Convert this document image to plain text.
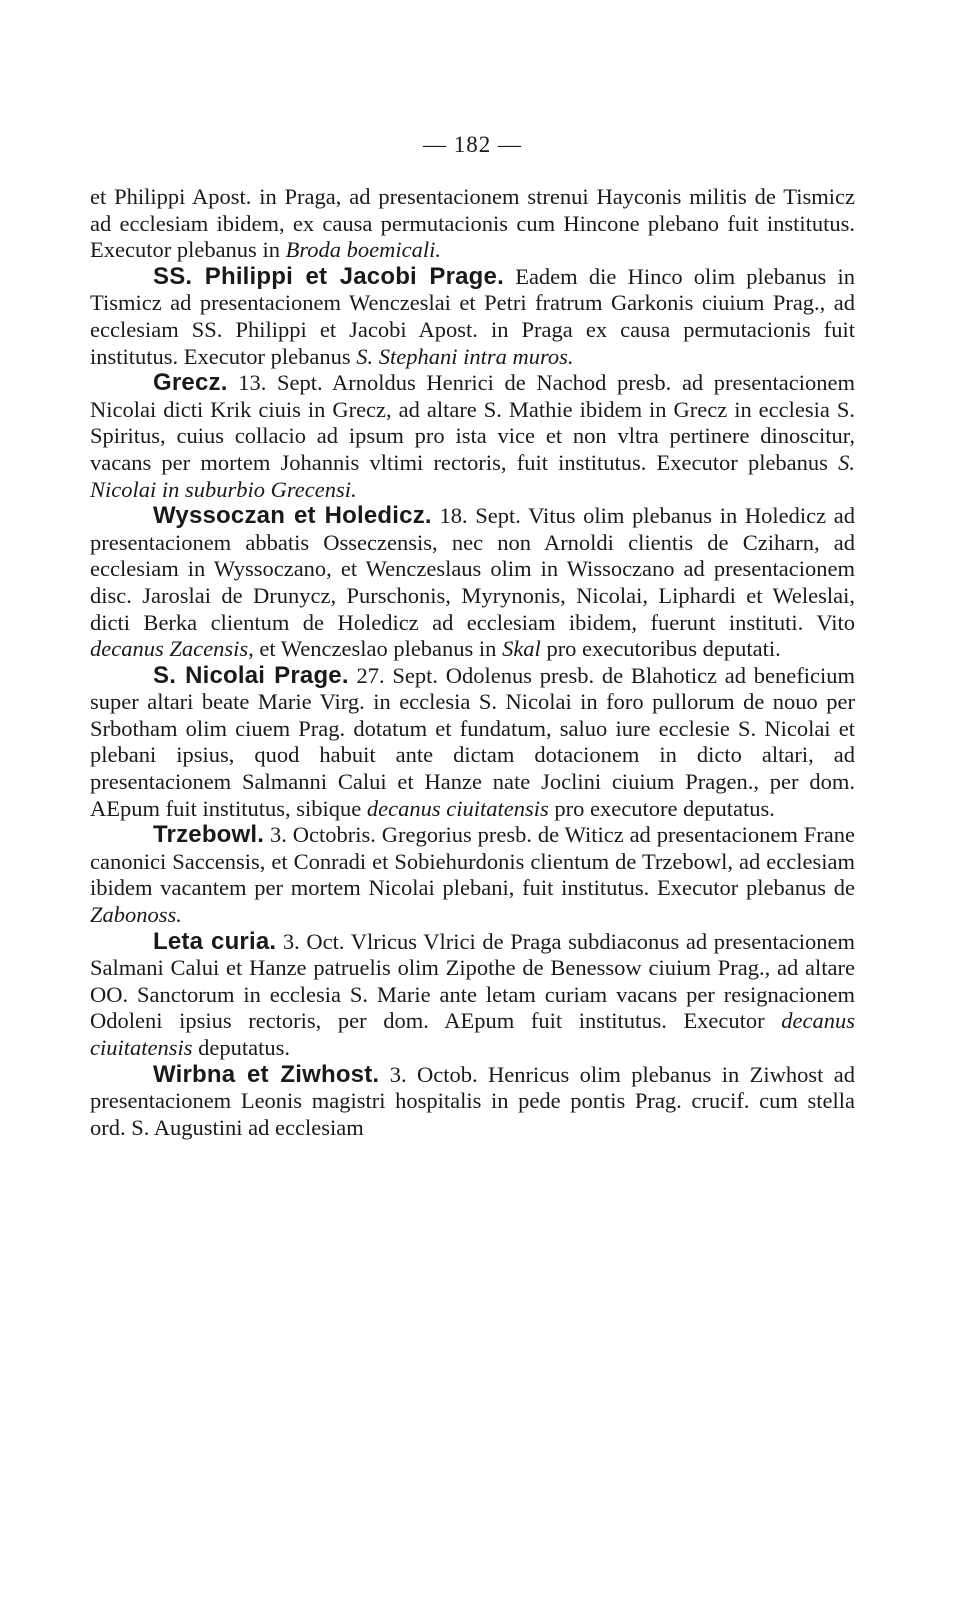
— 182 —

et Philippi Apost. in Praga, ad presentacionem strenui Hayconis militis de Tismicz ad ecclesiam ibidem, ex causa permutacionis cum Hincone plebano fuit institutus. Executor plebanus in Broda boemicali.

SS. Philippi et Jacobi Prage. Eadem die Hinco olim plebanus in Tismicz ad presentacionem Wenczeslai et Petri fratrum Garkonis ciuium Prag., ad ecclesiam SS. Philippi et Jacobi Apost. in Praga ex causa permutacionis fuit institutus. Executor plebanus S. Stephani intra muros.

Grecz. 13. Sept. Arnoldus Henrici de Nachod presb. ad presentacionem Nicolai dicti Krik ciuis in Grecz, ad altare S. Mathie ibidem in Grecz in ecclesia S. Spiritus, cuius collacio ad ipsum pro ista vice et non vltra pertinere dinoscitur, vacans per mortem Johannis vltimi rectoris, fuit institutus. Executor plebanus S. Nicolai in suburbio Grecensi.

Wyssoczan et Holedicz. 18. Sept. Vitus olim plebanus in Holedicz ad presentacionem abbatis Osseczensis, nec non Arnoldi clientis de Cziharn, ad ecclesiam in Wyssoczano, et Wenczeslaus olim in Wissoczano ad presentacionem disc. Jaroslai de Drunycz, Purschonis, Myrynonis, Nicolai, Liphardi et Weleslai, dicti Berka clientum de Holedicz ad ecclesiam ibidem, fuerunt instituti. Vito decanus Zacensis, et Wenczeslao plebanus in Skal pro executoribus deputati.

S. Nicolai Prage. 27. Sept. Odolenus presb. de Blahoticz ad beneficium super altari beate Marie Virg. in ecclesia S. Nicolai in foro pullorum de nouo per Srbotham olim ciuem Prag. dotatum et fundatum, saluo iure ecclesie S. Nicolai et plebani ipsius, quod habuit ante dictam dotacionem in dicto altari, ad presentacionem Salmanni Calui et Hanze nate Joclini ciuium Pragen., per dom. AEpum fuit institutus, sibique decanus ciuitatensis pro executore deputatus.

Trzebowl. 3. Octobris. Gregorius presb. de Witicz ad presentacionem Frane canonici Saccensis, et Conradi et Sobiehurdonis clientum de Trzebowl, ad ecclesiam ibidem vacantem per mortem Nicolai plebani, fuit institutus. Executor plebanus de Zabonoss.

Leta curia. 3. Oct. Vlricus Vlrici de Praga subdiaconus ad presentacionem Salmani Calui et Hanze patruelis olim Zipothe de Benessow ciuium Prag., ad altare OO. Sanctorum in ecclesia S. Marie ante letam curiam vacans per resignacionem Odoleni ipsius rectoris, per dom. AEpum fuit institutus. Executor decanus ciuitatensis deputatus.

Wirbna et Ziwhost. 3. Octob. Henricus olim plebanus in Ziwhost ad presentacionem Leonis magistri hospitalis in pede pontis Prag. crucif. cum stella ord. S. Augustini ad ecclesiam
